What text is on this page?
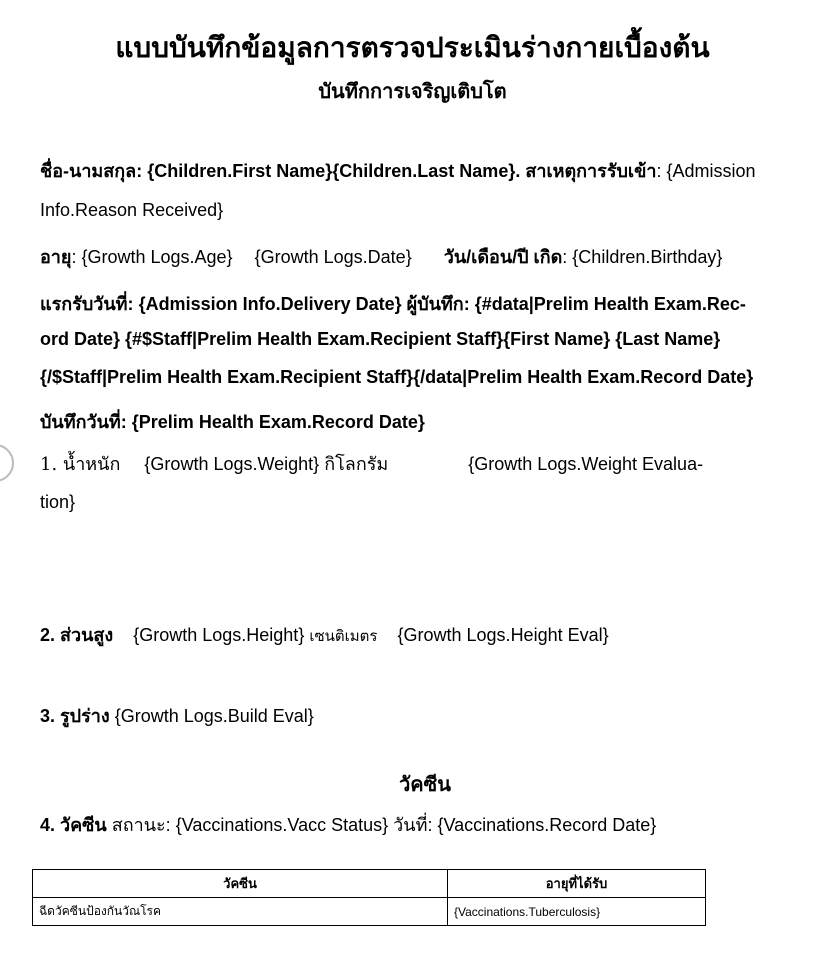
แบบบันทึกข้อมูลการตรวจประเมินร่างกายเบื้องต้น
บันทึกการเจริญเติบโต
ชื่อ-นามสกุล: {Children.First Name}{Children.Last Name}. สาเหตุการรับเข้า: {Admission
Info.Reason Received}
อายุ: {Growth Logs.Age} {Growth Logs.Date} วัน/เดือน/ปี เกิด: {Children.Birthday}
แรกรับวันที่: {Admission Info.Delivery Date} ผู้บันทึก: {#data|Prelim Health Exam.Rec-
ord Date} {#$Staff|Prelim Health Exam.Recipient Staff}{First Name} {Last Name}
{/$Staff|Prelim Health Exam.Recipient Staff}{/data|Prelim Health Exam.Record Date}
บันทึกวันที่: {Prelim Health Exam.Record Date}
1. น้ำหนัก {Growth Logs.Weight} กิโลกรัม	{Growth Logs.Weight Evalua-
tion}
2. ส่วนสูง {Growth Logs.Height} เซนติเมตร {Growth Logs.Height Eval}
3. รูปร่าง {Growth Logs.Build Eval}
วัคซีน
4. วัคซีน สถานะ: {Vaccinations.Vacc Status} วันที่: {Vaccinations.Record Date}
วัคซีน	อายุที่ได้รับ
ฉีดวัคซีนป้องกันวัณโรค	{Vaccinations.Tuberculosis}
